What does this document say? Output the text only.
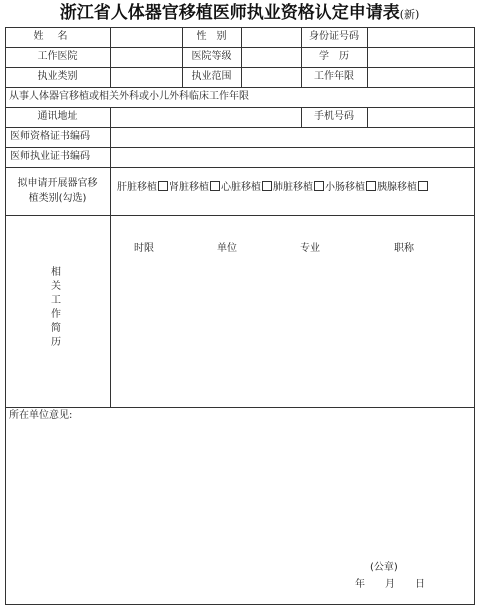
浙江省人体器官移植医师执业资格认定申请表(新)
姓名	性　别	身份证号码
工作医院	医院等级	学　历
执业类别	执业范围	工作年限
从事人体器官移植或相关外科或小儿外科临床工作年限
通讯地址	手机号码
医师资格证书编码
医师执业证书编码
拟申请开展器官移
植类别(勾选)
肝脏移植 肾脏移植 心脏移植 肺脏移植 小肠移植 胰腺移植
相关工作简历
时限	单位	专业	职称
所在单位意见:
(公章)
年　　月　　日
